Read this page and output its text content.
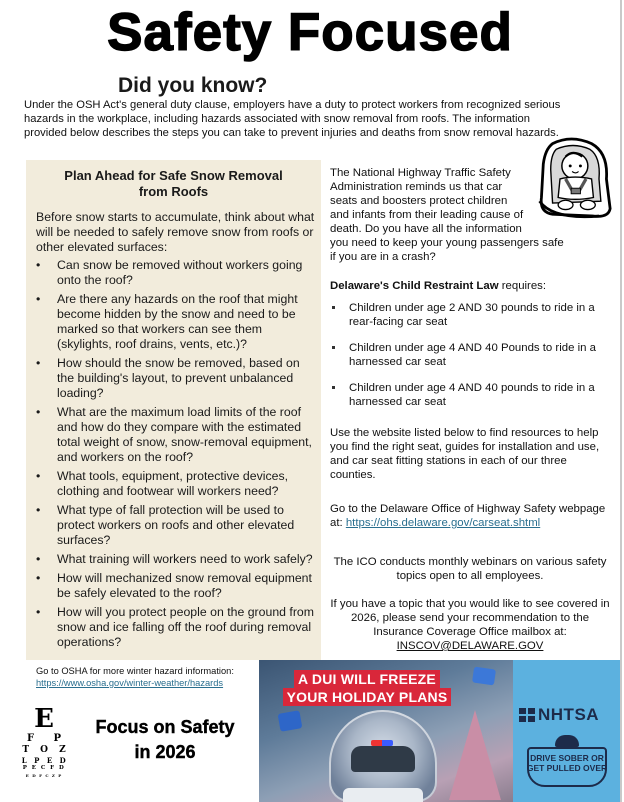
Safety Focused
Did you know?

Under the OSH Act's general duty clause, employers have a duty to protect workers from recognized serious hazards in the workplace, including hazards associated with snow removal from roofs. The information provided below describes the steps you can take to prevent injuries and deaths from snow removal hazards.

Plan Ahead for Safe Snow Removal
from Roofs

Before snow starts to accumulate, think about what will be needed to safely remove snow from roofs or other elevated surfaces:

• Can snow be removed without workers going onto the roof?
• Are there any hazards on the roof that might become hidden by the snow and need to be marked so that workers can see them (skylights, roof drains, vents, etc.)?
• How should the snow be removed, based on the building's layout, to prevent unbalanced loading?
• What are the maximum load limits of the roof and how do they compare with the estimated total weight of snow, snow-removal equipment, and workers on the roof?
• What tools, equipment, protective devices, clothing and footwear will workers need?
• What type of fall protection will be used to protect workers on roofs and other elevated surfaces?
• What training will workers need to work safely?
• How will mechanized snow removal equipment be safely elevated to the roof?
• How will you protect people on the ground from snow and ice falling off the roof during removal operations?
Go to OSHA for more winter hazard information:
https://www.osha.gov/winter-weather/hazards
E
F P
T O Z
L P E D
P E C F D
E D F C Z P
Focus on Safety
in 2026

The National Highway Traffic Safety
Administration reminds us that car
seats and boosters protect children
and infants from their leading cause of
death. Do you have all the information
you need to keep your young passengers safe
if you are in a crash?

Delaware's Child Restraint Law requires:

Children under age 2 AND 30 pounds to ride in a rear-facing car seat
Children under age 4 AND 40 Pounds to ride in a harnessed car seat
Children under age 4 AND 40 pounds to ride in a harnessed car seat

Use the website listed below to find resources to help you find the right seat, guides for installation and use, and car seat fitting stations in each of our three counties.

Go to the Delaware Office of Highway Safety webpage at: https://ohs.delaware.gov/carseat.shtml

The ICO conducts monthly webinars on various safety topics open to all employees.

If you have a topic that you would like to see covered in 2026, please send your recommendation to the Insurance Coverage Office mailbox at: INSCOV@DELAWARE.GOV

A DUI WILL FREEZE
YOUR HOLIDAY PLANS
NHTSA
DRIVE SOBER OR
GET PULLED OVER
